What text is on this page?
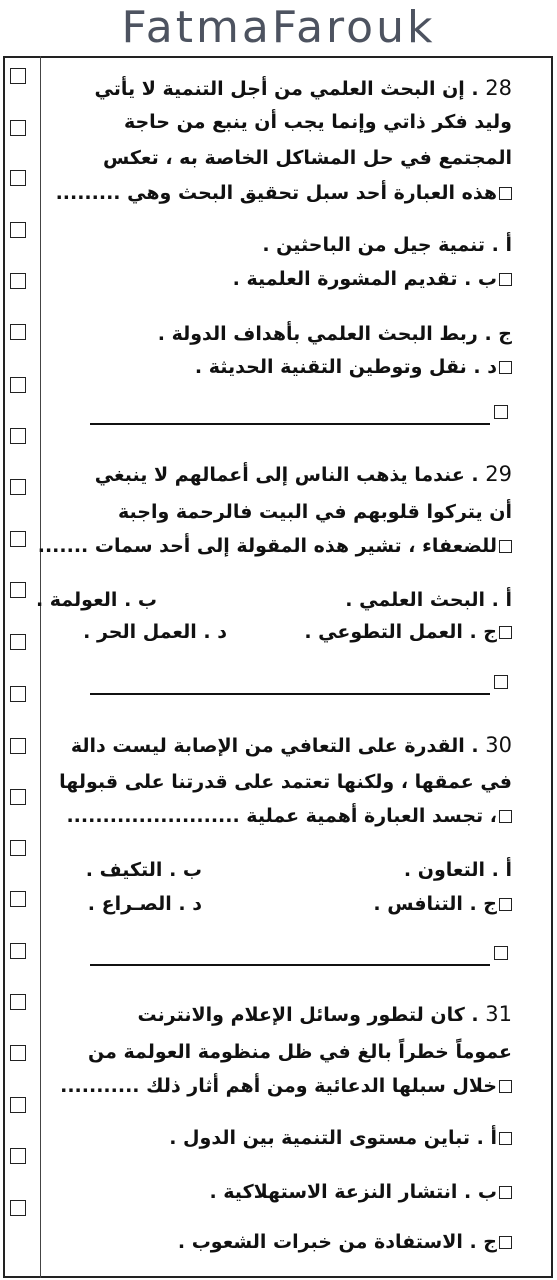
FatmaFarouk
28 . إن البحث العلمي من أجل التنمية لا يأتي
وليد فكر ذاتي وإنما يجب أن ينبع من حاجة
المجتمع في حل المشاكل الخاصة به ، تعكس
هذه العبارة أحد سبل تحقيق البحث وهي .........
أ . تنمية جيل من الباحثين .
ب . تقديم المشورة العلمية .
ج . ربط البحث العلمي بأهداف الدولة .
د . نقل وتوطين التقنية الحديثة .
29 . عندما يذهب الناس إلى أعمالهم لا ينبغي
أن يتركوا قلوبهم في البيت فالرحمة واجبة
للضعفاء ، تشير هذه المقولة إلى أحد سمات .......
أ . البحث العلمي .
ب . العولمة .
ج . العمل التطوعي .
د . العمل الحر .
30 . القدرة على التعافي من الإصابة ليست دالة
في عمقها ، ولكنها تعتمد على قدرتنا على قبولها
، تجسد العبارة أهمية عملية ........................
أ . التعاون .
ب . التكيف .
ج . التنافس .
د . الصـراع .
31 . كان لتطور وسائل الإعلام والانترنت
عموماً خطراً بالغ في ظل منظومة العولمة من
خلال سبلها الدعائية ومن أهم أثار ذلك ...........
أ . تباين مستوى التنمية بين الدول .
ب . انتشار النزعة الاستهلاكية .
ج . الاستفادة من خبرات الشعوب .
